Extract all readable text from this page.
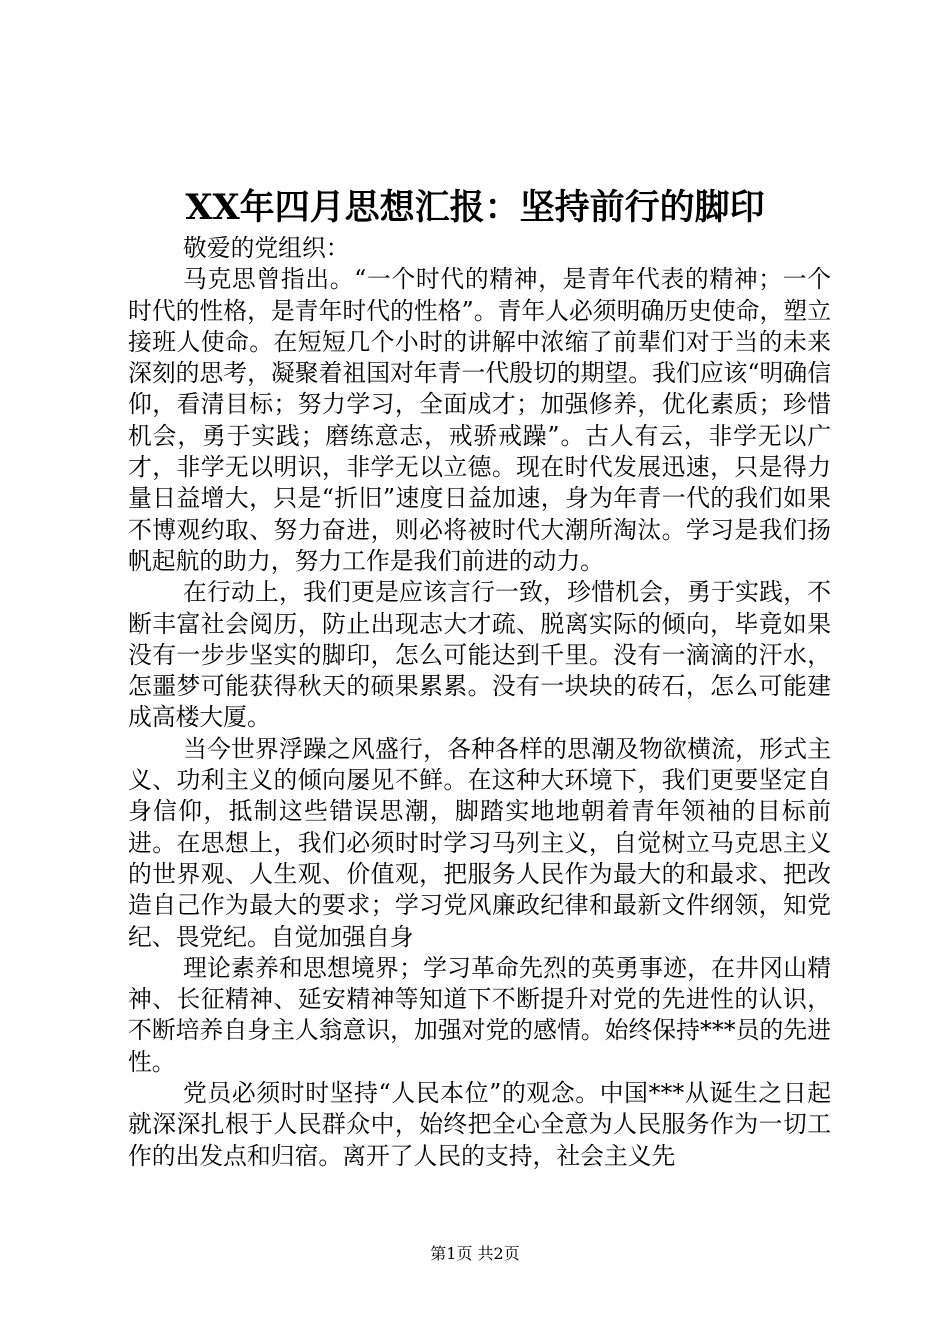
XX年四月思想汇报：坚持前行的脚印

敬爱的党组织：

马克思曾指出。“一个时代的精神，是青年代表的精神；一个时代的性格，是青年时代的性格”。青年人必须明确历史使命，塑立接班人使命。在短短几个小时的讲解中浓缩了前辈们对于当的未来深刻的思考，凝聚着祖国对年青一代殷切的期望。我们应该“明确信仰，看清目标；努力学习，全面成才；加强修养，优化素质；珍惜机会，勇于实践；磨练意志，戒骄戒躁”。古人有云，非学无以广才，非学无以明识，非学无以立德。现在时代发展迅速，只是得力量日益增大，只是“折旧”速度日益加速，身为年青一代的我们如果不博观约取、努力奋进，则必将被时代大潮所淘汰。学习是我们扬帆起航的助力，努力工作是我们前进的动力。

在行动上，我们更是应该言行一致，珍惜机会，勇于实践，不断丰富社会阅历，防止出现志大才疏、脱离实际的倾向，毕竟如果没有一步步坚实的脚印，怎么可能达到千里。没有一滴滴的汗水，怎噩梦可能获得秋天的硕果累累。没有一块块的砖石，怎么可能建成高楼大厦。

当今世界浮躁之风盛行，各种各样的思潮及物欲横流，形式主义、功利主义的倾向屡见不鲜。在这种大环境下，我们更要坚定自身信仰，抵制这些错误思潮，脚踏实地地朝着青年领袖的目标前进。在思想上，我们必须时时学习马列主义，自觉树立马克思主义的世界观、人生观、价值观，把服务人民作为最大的和最求、把改造自己作为最大的要求；学习党风廉政纪律和最新文件纲领，知党纪、畏党纪。自觉加强自身

理论素养和思想境界；学习革命先烈的英勇事迹，在井冈山精神、长征精神、延安精神等知道下不断提升对党的先进性的认识，不断培养自身主人翁意识，加强对党的感情。始终保持***员的先进性。

党员必须时时坚持“人民本位”的观念。中国***从诞生之日起就深深扎根于人民群众中，始终把全心全意为人民服务作为一切工作的出发点和归宿。离开了人民的支持，社会主义先

第1页 共2页
